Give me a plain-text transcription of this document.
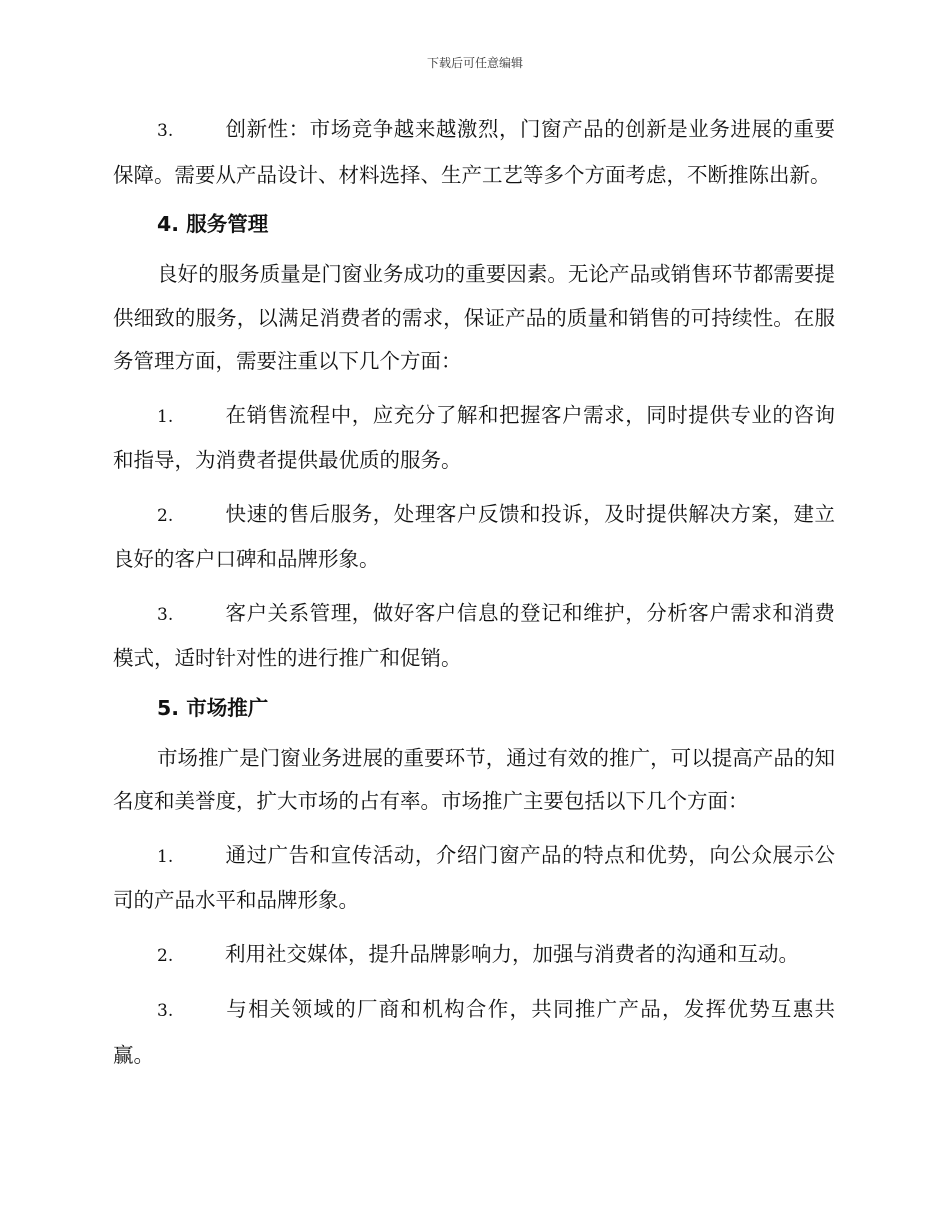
下载后可任意编辑

3.	创新性：市场竞争越来越激烈，门窗产品的创新是业务进展的重要保障。需要从产品设计、材料选择、生产工艺等多个方面考虑，不断推陈出新。

4. 服务管理

良好的服务质量是门窗业务成功的重要因素。无论产品或销售环节都需要提供细致的服务，以满足消费者的需求，保证产品的质量和销售的可持续性。在服务管理方面，需要注重以下几个方面：

1.	在销售流程中，应充分了解和把握客户需求，同时提供专业的咨询和指导，为消费者提供最优质的服务。

2.	快速的售后服务，处理客户反馈和投诉，及时提供解决方案，建立良好的客户口碑和品牌形象。

3.	客户关系管理，做好客户信息的登记和维护，分析客户需求和消费模式，适时针对性的进行推广和促销。

5. 市场推广

市场推广是门窗业务进展的重要环节，通过有效的推广，可以提高产品的知名度和美誉度，扩大市场的占有率。市场推广主要包括以下几个方面：

1.	通过广告和宣传活动，介绍门窗产品的特点和优势，向公众展示公司的产品水平和品牌形象。

2.	利用社交媒体，提升品牌影响力，加强与消费者的沟通和互动。

3.	与相关领域的厂商和机构合作，共同推广产品，发挥优势互惠共赢。
